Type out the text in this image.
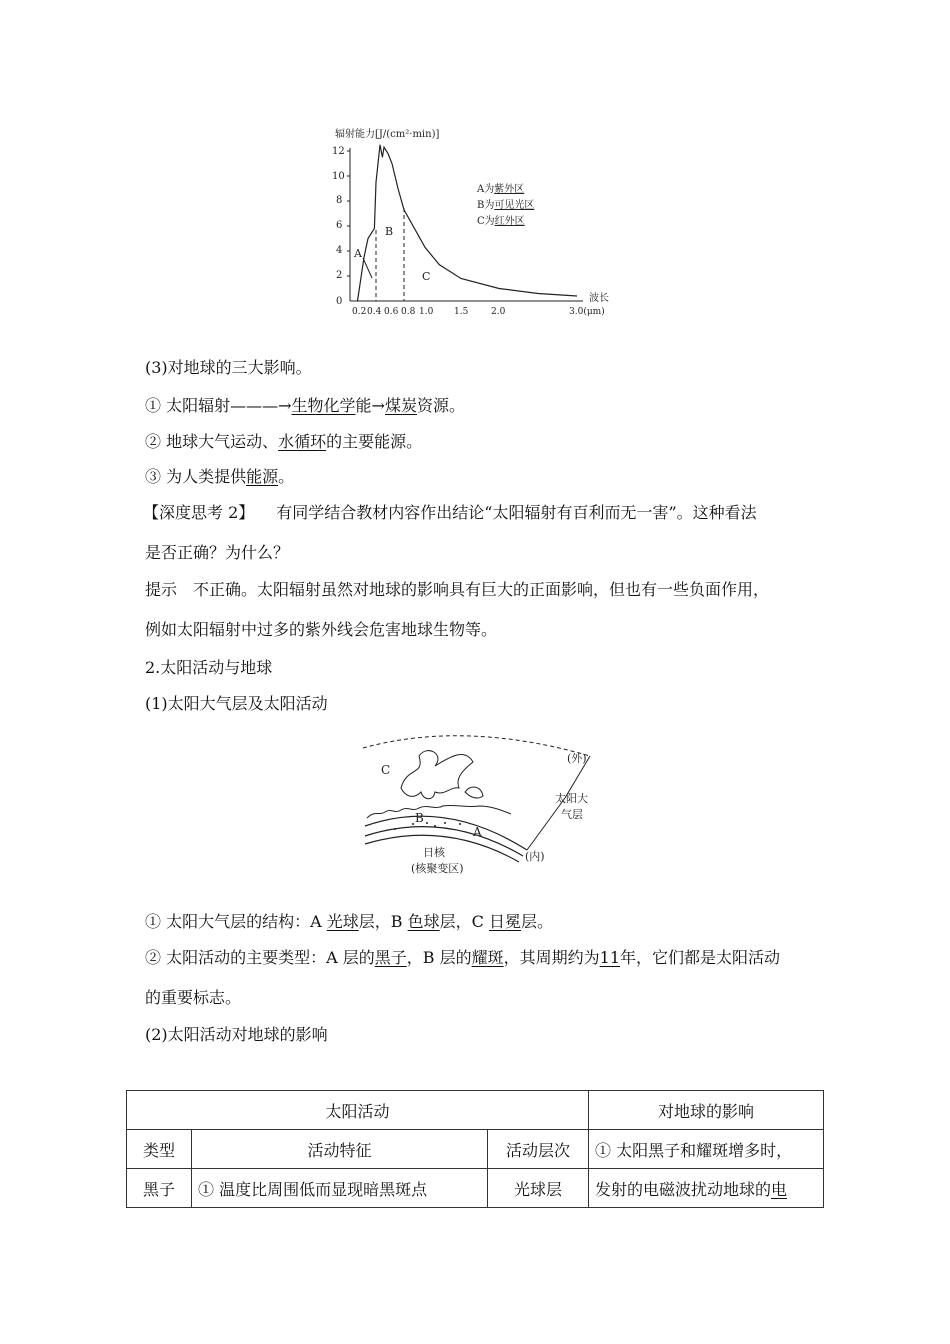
辐射能力[J/(cm²·min)]
12
10
8
6
4
2
0
0.2 0.4 0.6 0.8 1.0 1.5	2.0	3.0(μm)
波长
A
B
C
A为紫外区
B为可见光区
C为红外区
(3)对地球的三大影响。
① 太阳辐射———→生物化学能→煤炭资源。
② 地球大气运动、水循环的主要能源。
③ 为人类提供能源。
【深度思考 2】 有同学结合教材内容作出结论“太阳辐射有百利而无一害”。这种看法
是否正确？为什么？
提示 不正确。太阳辐射虽然对地球的影响具有巨大的正面影响，但也有一些负面作用，
例如太阳辐射中过多的紫外线会危害地球生物等。
2.太阳活动与地球
(1)太阳大气层及太阳活动
C
B
A
(外)
太阳大
气层
(内)
日核
(核聚变区)
① 太阳大气层的结构：A 光球层，B 色球层，C 日冕层。
② 太阳活动的主要类型：A 层的黑子，B 层的耀斑，其周期约为11年，它们都是太阳活动
的重要标志。
(2)太阳活动对地球的影响
太阳活动			对地球的影响
类型	活动特征	活动层次	① 太阳黑子和耀斑增多时，
黑子	① 温度比周围低而显现暗黑斑点	光球层	发射的电磁波扰动地球的电
